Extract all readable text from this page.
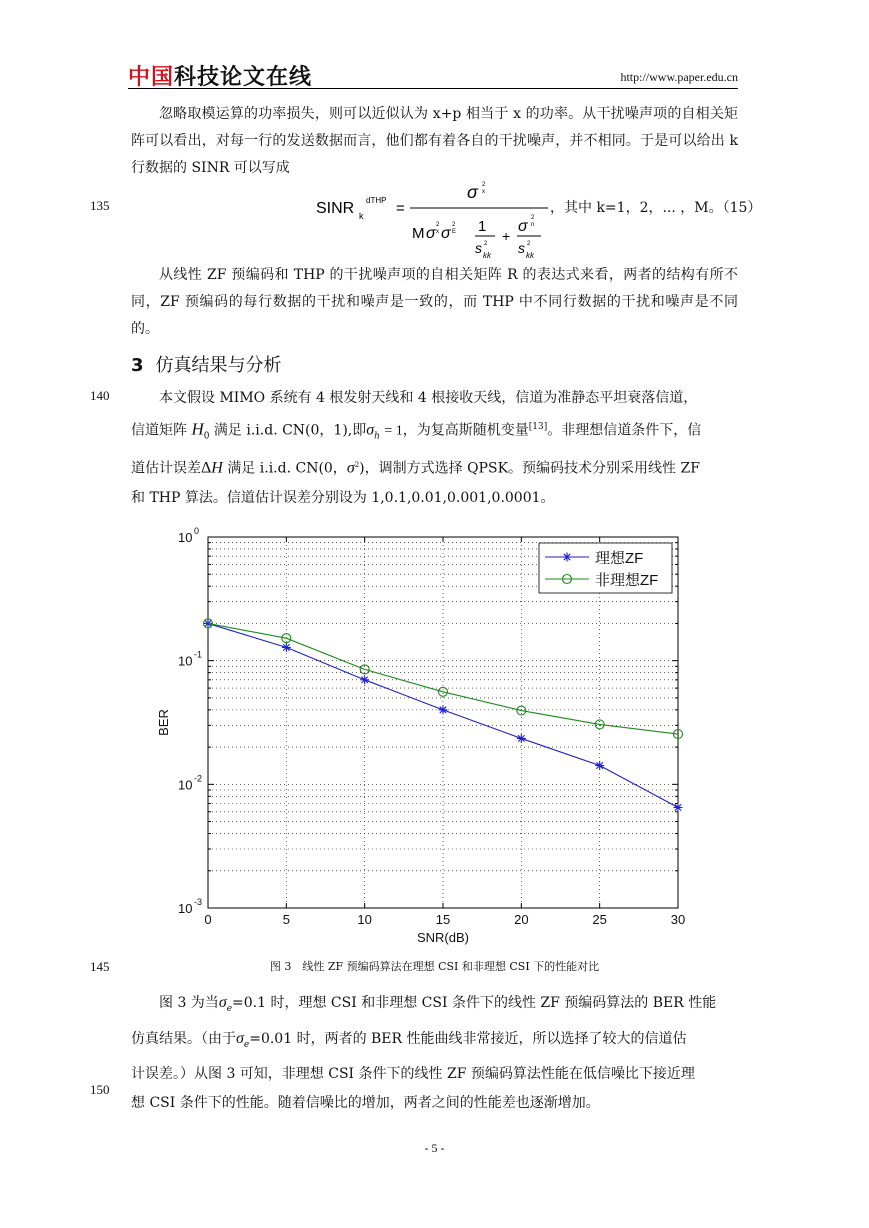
中国科技论文在线	http://www.paper.edu.cn
忽略取模运算的功率损失，则可以近似认为 x+p 相当于 x 的功率。从干扰噪声项的自相关矩阵可以看出，对每一行的发送数据而言，他们都有着各自的干扰噪声，并不相同。于是可以给出 k 行数据的 SINR 可以写成
135	SINR k
dTHP =
σ 2
x
M σ 2
x σ 2
E 1
s 2
kk
+
σ 2
n
s 2
kk
，其中 k=1，2，... ，M。（15）
从线性 ZF 预编码和 THP 的干扰噪声项的自相关矩阵 R 的表达式来看，两者的结构有所不同，ZF 预编码的每行数据的干扰和噪声是一致的，而 THP 中不同行数据的干扰和噪声是不同的。
3 仿真结果与分析
140	本文假设 MIMO 系统有 4 根发射天线和 4 根接收天线，信道为准静态平坦衰落信道，
信道矩阵 $H_0$ 满足 i.i.d. CN(0，1),即$\sigma_h = 1$，为复高斯随机变量[13]。非理想信道条件下，信
道估计误差ΔH 满足 i.i.d. CN(0，$\sigma^2$)，调制方式选择 QPSK。预编码技术分别采用线性 ZF
和 THP 算法。信道估计误差分别设为 1,0.1,0.01,0.001,0.0001。
0	5	10	15	20	25	30
10 0
10 -1
10 -2
10 -3
SNR(dB)
BER
理想ZF
非理想ZF
145	图 3　线性 ZF 预编码算法在理想 CSI 和非理想 CSI 下的性能对比
图 3 为当$\sigma_e=0.1$ 时，理想 CSI 和非理想 CSI 条件下的线性 ZF 预编码算法的 BER 性能
仿真结果。（由于$\sigma_e=0.01$ 时，两者的 BER 性能曲线非常接近，所以选择了较大的信道估
计误差。）从图 3 可知，非理想 CSI 条件下的线性 ZF 预编码算法性能在低信噪比下接近理
想 CSI 条件下的性能。随着信噪比的增加，两者之间的性能差也逐渐增加。
150
- 5 -
